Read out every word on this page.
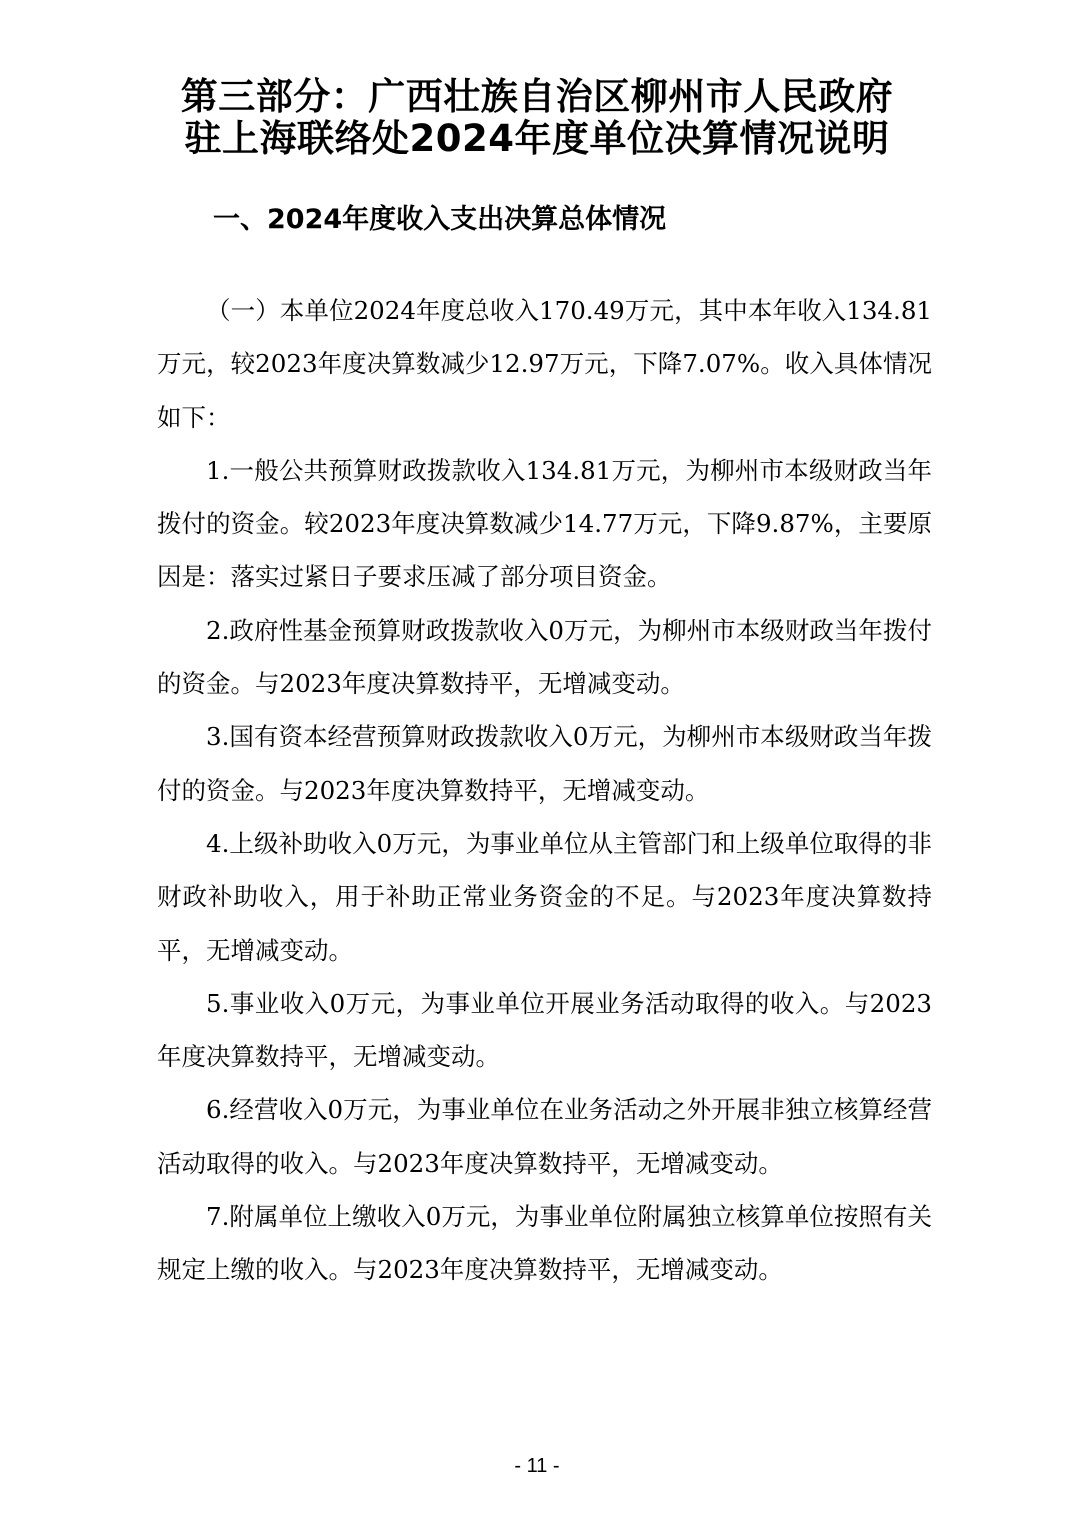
第三部分：广西壮族自治区柳州市人民政府
驻上海联络处2024年度单位决算情况说明
一、2024年度收入支出决算总体情况

（一）本单位2024年度总收入170.49万元，其中本年收入134.81万元，较2023年度决算数减少12.97万元，下降7.07%。收入具体情况如下：

1.一般公共预算财政拨款收入134.81万元，为柳州市本级财政当年拨付的资金。较2023年度决算数减少14.77万元，下降9.87%，主要原因是：落实过紧日子要求压减了部分项目资金。

2.政府性基金预算财政拨款收入0万元，为柳州市本级财政当年拨付的资金。与2023年度决算数持平，无增减变动。

3.国有资本经营预算财政拨款收入0万元，为柳州市本级财政当年拨付的资金。与2023年度决算数持平，无增减变动。

4.上级补助收入0万元，为事业单位从主管部门和上级单位取得的非财政补助收入，用于补助正常业务资金的不足。与2023年度决算数持平，无增减变动。

5.事业收入0万元，为事业单位开展业务活动取得的收入。与2023年度决算数持平，无增减变动。

6.经营收入0万元，为事业单位在业务活动之外开展非独立核算经营活动取得的收入。与2023年度决算数持平，无增减变动。

7.附属单位上缴收入0万元，为事业单位附属独立核算单位按照有关规定上缴的收入。与2023年度决算数持平，无增减变动。

- 11 -
